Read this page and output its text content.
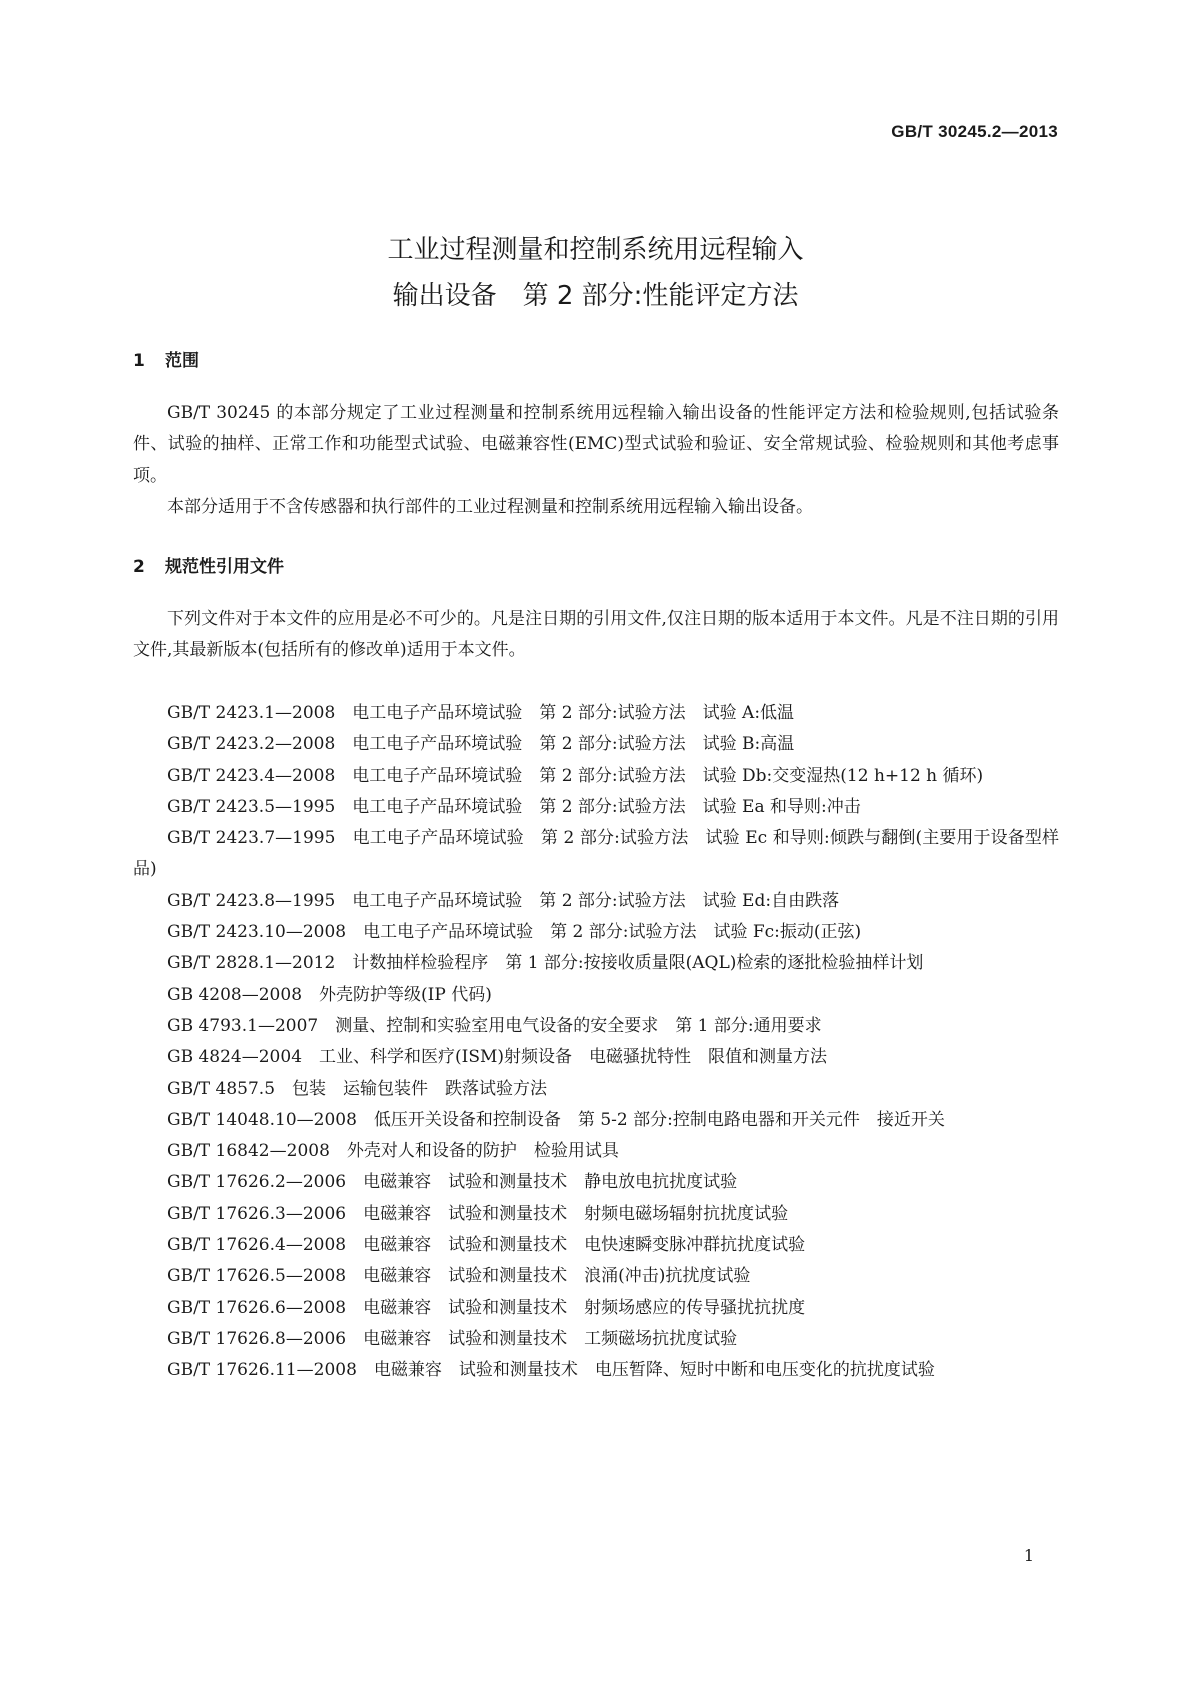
GB/T 30245.2—2013
工业过程测量和控制系统用远程输入
输出设备　第 2 部分:性能评定方法
1 范围

GB/T 30245 的本部分规定了工业过程测量和控制系统用远程输入输出设备的性能评定方法和检验规则,包括试验条件、试验的抽样、正常工作和功能型式试验、电磁兼容性(EMC)型式试验和验证、安全常规试验、检验规则和其他考虑事项。

本部分适用于不含传感器和执行部件的工业过程测量和控制系统用远程输入输出设备。

2 规范性引用文件

下列文件对于本文件的应用是必不可少的。凡是注日期的引用文件,仅注日期的版本适用于本文件。凡是不注日期的引用文件,其最新版本(包括所有的修改单)适用于本文件。

GB/T 2423.1—2008　电工电子产品环境试验　第 2 部分:试验方法　试验 A:低温

GB/T 2423.2—2008　电工电子产品环境试验　第 2 部分:试验方法　试验 B:高温

GB/T 2423.4—2008　电工电子产品环境试验　第 2 部分:试验方法　试验 Db:交变湿热(12 h+12 h 循环)

GB/T 2423.5—1995　电工电子产品环境试验　第 2 部分:试验方法　试验 Ea 和导则:冲击

GB/T 2423.7—1995　电工电子产品环境试验　第 2 部分:试验方法　试验 Ec 和导则:倾跌与翻倒(主要用于设备型样品)

GB/T 2423.8—1995　电工电子产品环境试验　第 2 部分:试验方法　试验 Ed:自由跌落

GB/T 2423.10—2008　电工电子产品环境试验　第 2 部分:试验方法　试验 Fc:振动(正弦)

GB/T 2828.1—2012　计数抽样检验程序　第 1 部分:按接收质量限(AQL)检索的逐批检验抽样计划

GB 4208—2008　外壳防护等级(IP 代码)

GB 4793.1—2007　测量、控制和实验室用电气设备的安全要求　第 1 部分:通用要求

GB 4824—2004　工业、科学和医疗(ISM)射频设备　电磁骚扰特性　限值和测量方法

GB/T 4857.5　包装　运输包装件　跌落试验方法

GB/T 14048.10—2008　低压开关设备和控制设备　第 5-2 部分:控制电路电器和开关元件　接近开关

GB/T 16842—2008　外壳对人和设备的防护　检验用试具

GB/T 17626.2—2006　电磁兼容　试验和测量技术　静电放电抗扰度试验

GB/T 17626.3—2006　电磁兼容　试验和测量技术　射频电磁场辐射抗扰度试验

GB/T 17626.4—2008　电磁兼容　试验和测量技术　电快速瞬变脉冲群抗扰度试验

GB/T 17626.5—2008　电磁兼容　试验和测量技术　浪涌(冲击)抗扰度试验

GB/T 17626.6—2008　电磁兼容　试验和测量技术　射频场感应的传导骚扰抗扰度

GB/T 17626.8—2006　电磁兼容　试验和测量技术　工频磁场抗扰度试验

GB/T 17626.11—2008　电磁兼容　试验和测量技术　电压暂降、短时中断和电压变化的抗扰度试验

1
